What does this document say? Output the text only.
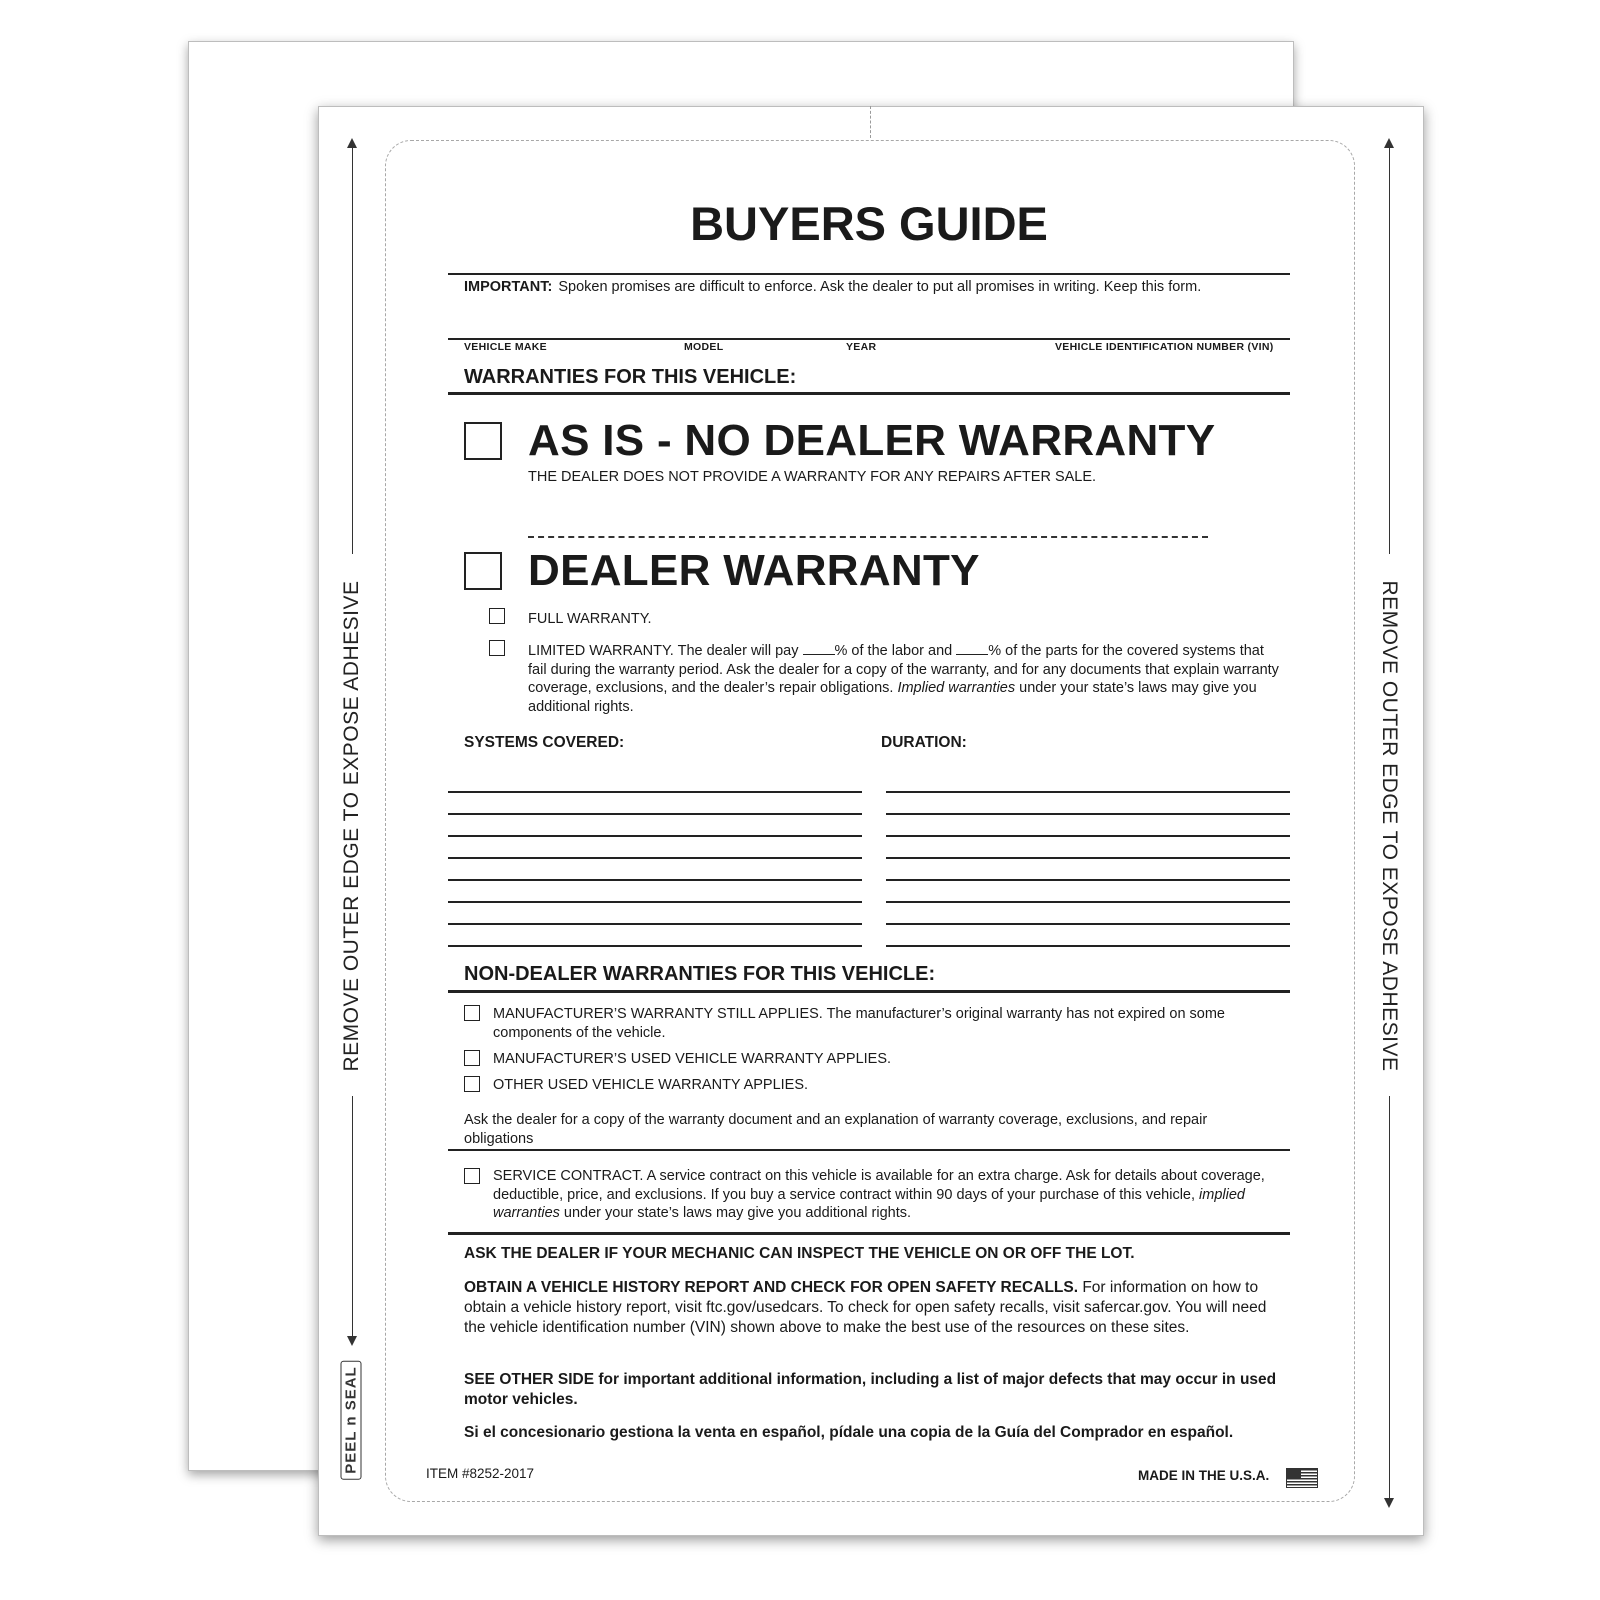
REMOVE OUTER EDGE TO EXPOSE ADHESIVE
PEEL n SEAL
REMOVE OUTER EDGE TO EXPOSE ADHESIVE
BUYERS GUIDE
IMPORTANT: Spoken promises are difficult to enforce. Ask the dealer to put all promises in writing. Keep this form.
VEHICLE MAKE	MODEL	YEAR	VEHICLE IDENTIFICATION NUMBER (VIN)
WARRANTIES FOR THIS VEHICLE:
AS IS - NO DEALER WARRANTY
THE DEALER DOES NOT PROVIDE A WARRANTY FOR ANY REPAIRS AFTER SALE.
DEALER WARRANTY
FULL WARRANTY.
LIMITED WARRANTY. The dealer will pay % of the labor and % of the parts for the covered systems that fail during the warranty period. Ask the dealer for a copy of the warranty, and for any documents that explain warranty coverage, exclusions, and the dealer’s repair obligations. Implied warranties under your state’s laws may give you additional rights.
SYSTEMS COVERED:	DURATION:
NON-DEALER WARRANTIES FOR THIS VEHICLE:
MANUFACTURER’S WARRANTY STILL APPLIES. The manufacturer’s original warranty has not expired on some components of the vehicle.
MANUFACTURER’S USED VEHICLE WARRANTY APPLIES.
OTHER USED VEHICLE WARRANTY APPLIES.
Ask the dealer for a copy of the warranty document and an explanation of warranty coverage, exclusions, and repair obligations
SERVICE CONTRACT. A service contract on this vehicle is available for an extra charge. Ask for details about coverage, deductible, price, and exclusions. If you buy a service contract within 90 days of your purchase of this vehicle, implied warranties under your state’s laws may give you additional rights.
ASK THE DEALER IF YOUR MECHANIC CAN INSPECT THE VEHICLE ON OR OFF THE LOT.
OBTAIN A VEHICLE HISTORY REPORT AND CHECK FOR OPEN SAFETY RECALLS. For information on how to obtain a vehicle history report, visit ftc.gov/usedcars. To check for open safety recalls, visit safercar.gov. You will need the vehicle identification number (VIN) shown above to make the best use of the resources on these sites.
SEE OTHER SIDE for important additional information, including a list of major defects that may occur in used motor vehicles.
Si el concesionario gestiona la venta en español, pídale una copia de la Guía del Comprador en español.
ITEM #8252-2017	MADE IN THE U.S.A.
